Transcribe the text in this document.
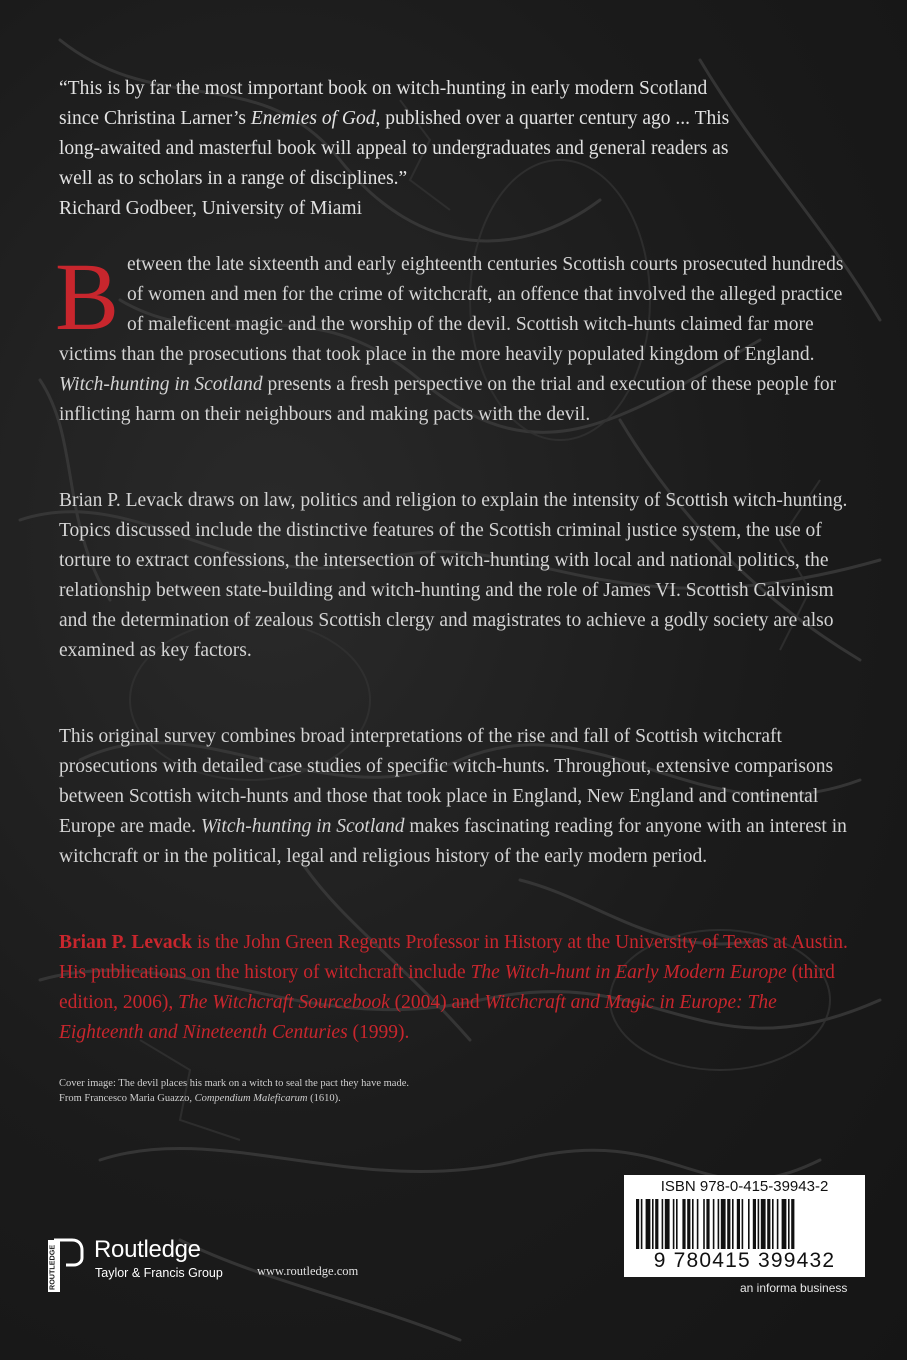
“This is by far the most important book on witch-hunting in early modern Scotland
since Christina Larner’s Enemies of God, published over a quarter century ago ... This
long-awaited and masterful book will appeal to undergraduates and general readers as
well as to scholars in a range of disciplines.”
Richard Godbeer, University of Miami
Between the late sixteenth and early eighteenth centuries Scottish courts prosecuted hundreds of women and men for the crime of witchcraft, an offence that involved the alleged practice of maleficent magic and the worship of the devil. Scottish witch-hunts claimed far more victims than the prosecutions that took place in the more heavily populated kingdom of England. Witch-hunting in Scotland presents a fresh perspective on the trial and execution of these people for inflicting harm on their neighbours and making pacts with the devil.
Brian P. Levack draws on law, politics and religion to explain the intensity of Scottish witch-hunting. Topics discussed include the distinctive features of the Scottish criminal justice system, the use of torture to extract confessions, the intersection of witch-hunting with local and national politics, the relationship between state-building and witch-hunting and the role of James VI. Scottish Calvinism and the determination of zealous Scottish clergy and magistrates to achieve a godly society are also examined as key factors.
This original survey combines broad interpretations of the rise and fall of Scottish witchcraft prosecutions with detailed case studies of specific witch-hunts. Throughout, extensive comparisons between Scottish witch-hunts and those that took place in England, New England and continental Europe are made. Witch-hunting in Scotland makes fascinating reading for anyone with an interest in witchcraft or in the political, legal and religious history of the early modern period.
Brian P. Levack is the John Green Regents Professor in History at the University of Texas at Austin. His publications on the history of witchcraft include The Witch-hunt in Early Modern Europe (third edition, 2006), The Witchcraft Sourcebook (2004) and Witchcraft and Magic in Europe: The Eighteenth and Nineteenth Centuries (1999).
Cover image: The devil places his mark on a witch to seal the pact they have made.
From Francesco Maria Guazzo, Compendium Maleficarum (1610).
ROUTLEDGE Routledge
Taylor & Francis Group	www.routledge.com
ISBN 978-0-415-39943-2
9 780415 399432
an informa business
